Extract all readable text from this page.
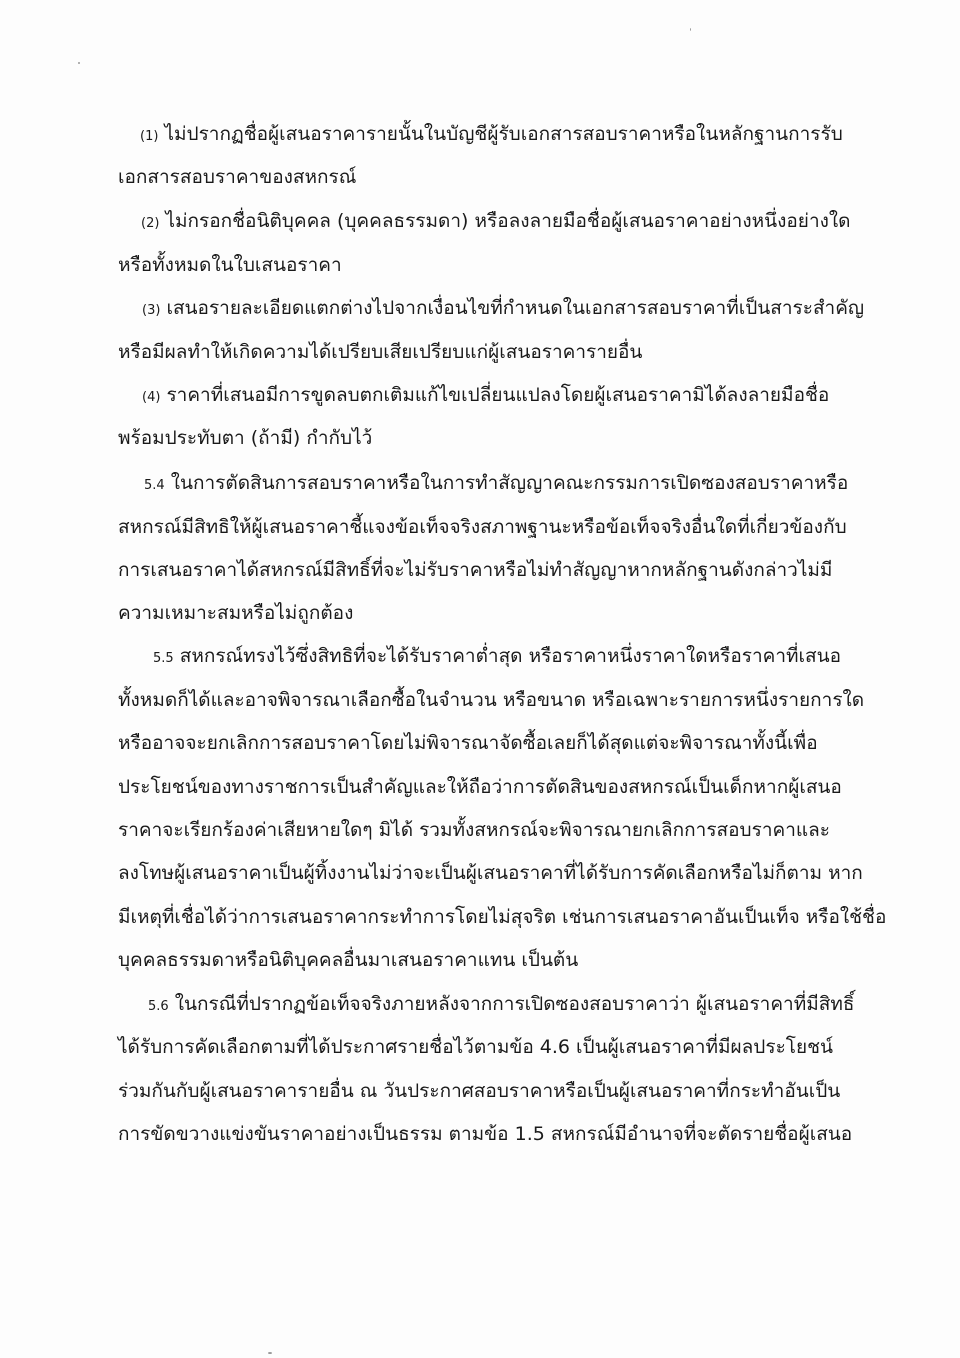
(1) ไม่ปรากฏชื่อผู้เสนอราคารายนั้นในบัญชีผู้รับเอกสารสอบราคาหรือในหลักฐานการรับ
เอกสารสอบราคาของสหกรณ์
(2) ไม่กรอกชื่อนิติบุคคล (บุคคลธรรมดา) หรือลงลายมือชื่อผู้เสนอราคาอย่างหนึ่งอย่างใด
หรือทั้งหมดในใบเสนอราคา
(3) เสนอรายละเอียดแตกต่างไปจากเงื่อนไขที่กำหนดในเอกสารสอบราคาที่เป็นสาระสำคัญ
หรือมีผลทำให้เกิดความได้เปรียบเสียเปรียบแก่ผู้เสนอราคารายอื่น
(4) ราคาที่เสนอมีการขูดลบตกเติมแก้ไขเปลี่ยนแปลงโดยผู้เสนอราคามิได้ลงลายมือชื่อ
พร้อมประทับตา (ถ้ามี) กำกับไว้
5.4 ในการตัดสินการสอบราคาหรือในการทำสัญญาคณะกรรมการเปิดซองสอบราคาหรือ
สหกรณ์มีสิทธิให้ผู้เสนอราคาชี้แจงข้อเท็จจริงสภาพฐานะหรือข้อเท็จจริงอื่นใดที่เกี่ยวข้องกับ
การเสนอราคาได้สหกรณ์มีสิทธิ์ที่จะไม่รับราคาหรือไม่ทำสัญญาหากหลักฐานดังกล่าวไม่มี
ความเหมาะสมหรือไม่ถูกต้อง
5.5 สหกรณ์ทรงไว้ซึ่งสิทธิที่จะได้รับราคาต่ำสุด หรือราคาหนึ่งราคาใดหรือราคาที่เสนอ
ทั้งหมดก็ได้และอาจพิจารณาเลือกซื้อในจำนวน หรือขนาด หรือเฉพาะรายการหนึ่งรายการใด
หรืออาจจะยกเลิกการสอบราคาโดยไม่พิจารณาจัดซื้อเลยก็ได้สุดแต่จะพิจารณาทั้งนี้เพื่อ
ประโยชน์ของทางราชการเป็นสำคัญและให้ถือว่าการตัดสินของสหกรณ์เป็นเด็กหากผู้เสนอ
ราคาจะเรียกร้องค่าเสียหายใดๆ มิได้ รวมทั้งสหกรณ์จะพิจารณายกเลิกการสอบราคาและ
ลงโทษผู้เสนอราคาเป็นผู้ทิ้งงานไม่ว่าจะเป็นผู้เสนอราคาที่ได้รับการคัดเลือกหรือไม่ก็ตาม หาก
มีเหตุที่เชื่อได้ว่าการเสนอราคากระทำการโดยไม่สุจริต เช่นการเสนอราคาอันเป็นเท็จ หรือใช้ชื่อ
บุคคลธรรมดาหรือนิติบุคคลอื่นมาเสนอราคาแทน เป็นต้น
5.6 ในกรณีที่ปรากฏข้อเท็จจริงภายหลังจากการเปิดซองสอบราคาว่า ผู้เสนอราคาที่มีสิทธิ์
ได้รับการคัดเลือกตามที่ได้ประกาศรายชื่อไว้ตามข้อ 4.6 เป็นผู้เสนอราคาที่มีผลประโยชน์
ร่วมกันกับผู้เสนอราคารายอื่น ณ วันประกาศสอบราคาหรือเป็นผู้เสนอราคาที่กระทำอันเป็น
การขัดขวางแข่งขันราคาอย่างเป็นธรรม ตามข้อ 1.5 สหกรณ์มีอำนาจที่จะตัดรายชื่อผู้เสนอ
